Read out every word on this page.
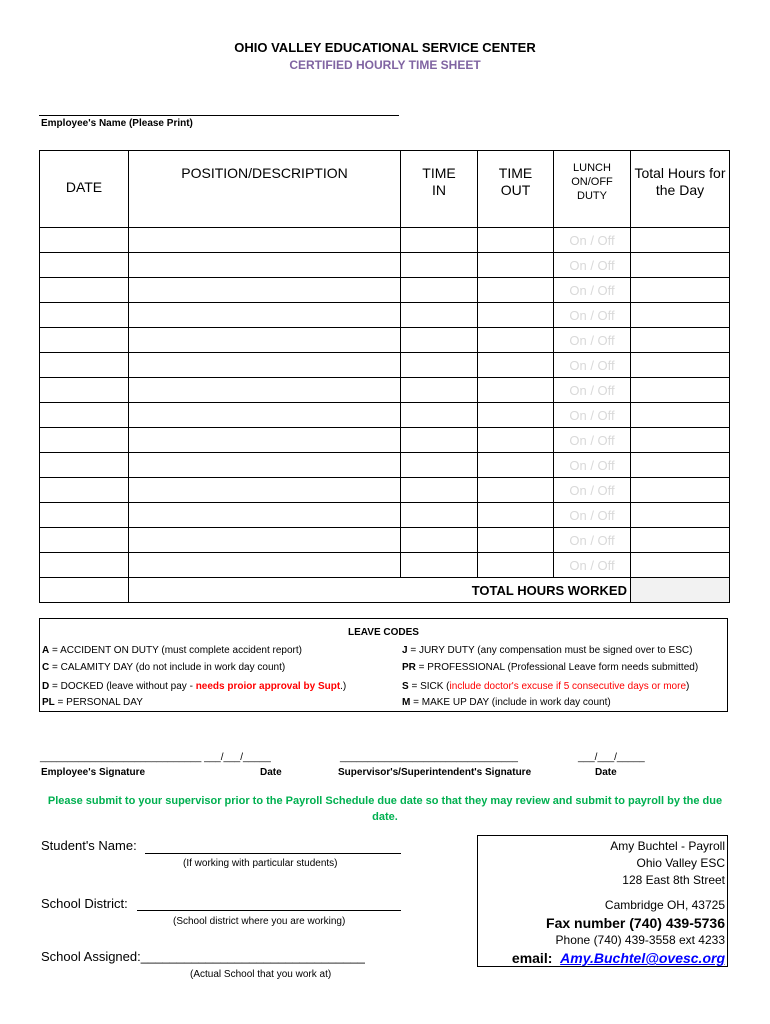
OHIO VALLEY EDUCATIONAL SERVICE CENTER
CERTIFIED HOURLY TIME SHEET
Employee's Name (Please Print)
DATE	POSITION/DESCRIPTION	TIME IN	TIME OUT	LUNCH ON/OFF DUTY	Total Hours for the Day
				On / Off	
				On / Off	
				On / Off	
				On / Off	
				On / Off	
				On / Off	
				On / Off	
				On / Off	
				On / Off	
				On / Off	
				On / Off	
				On / Off	
				On / Off	
				On / Off	
	TOTAL HOURS WORKED				
LEAVE CODES
A = ACCIDENT ON DUTY (must complete accident report)
C = CALAMITY DAY (do not include in work day count)
D = DOCKED (leave without pay - needs proior approval by Supt.)
PL = PERSONAL DAY
J = JURY DUTY (any compensation must be signed over to ESC)
PR = PROFESSIONAL (Professional Leave form needs submitted)
S = SICK (include doctor's excuse if 5 consecutive days or more)
M = MAKE UP DAY (include in work day count)
_____________________________ ___/___/_____
Employee's Signature	Date
________________________________
Supervisor's/Superintendent's Signature
___/___/_____
Date
Please submit to your supervisor prior to the Payroll Schedule due date so that they may review and submit to payroll by the due date.
Student's Name:
(If working with particular students)
School District:
(School district where you are working)
School Assigned:_______________________________
(Actual School that you work at)
Amy Buchtel - Payroll
Ohio Valley ESC
128 East 8th Street
Cambridge OH, 43725
Fax number (740) 439-5736
Phone (740) 439-3558 ext 4233
email: Amy.Buchtel@ovesc.org
